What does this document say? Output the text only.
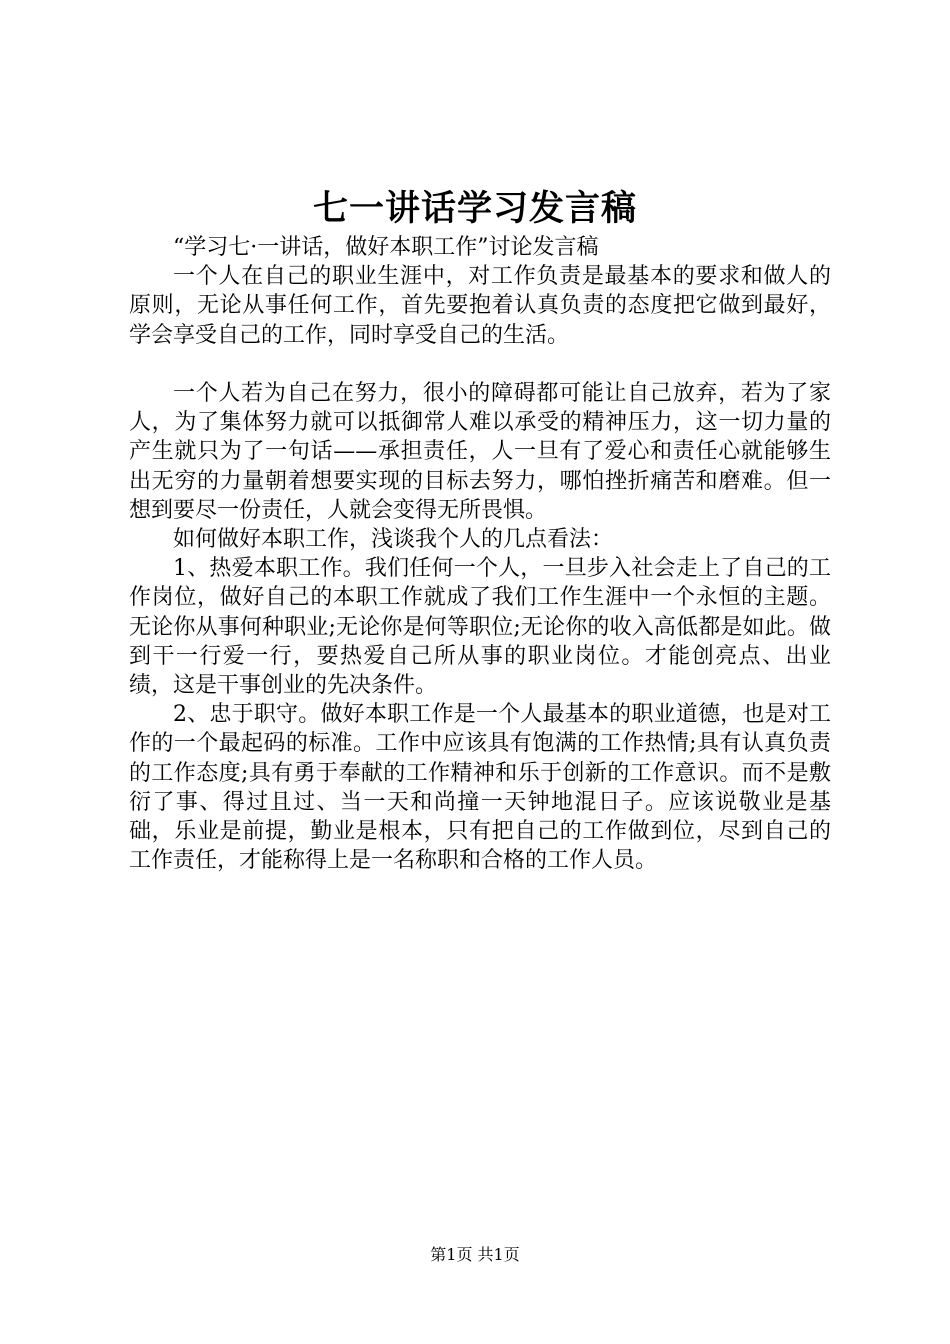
七一讲话学习发言稿

“学习七·一讲话，做好本职工作”讨论发言稿

一个人在自己的职业生涯中，对工作负责是最基本的要求和做人的原则，无论从事任何工作，首先要抱着认真负责的态度把它做到最好，学会享受自己的工作，同时享受自己的生活。

一个人若为自己在努力，很小的障碍都可能让自己放弃，若为了家人，为了集体努力就可以抵御常人难以承受的精神压力，这一切力量的产生就只为了一句话——承担责任，人一旦有了爱心和责任心就能够生出无穷的力量朝着想要实现的目标去努力，哪怕挫折痛苦和磨难。但一想到要尽一份责任，人就会变得无所畏惧。

如何做好本职工作，浅谈我个人的几点看法：

1、热爱本职工作。我们任何一个人，一旦步入社会走上了自己的工作岗位，做好自己的本职工作就成了我们工作生涯中一个永恒的主题。无论你从事何种职业;无论你是何等职位;无论你的收入高低都是如此。做到干一行爱一行，要热爱自己所从事的职业岗位。才能创亮点、出业绩，这是干事创业的先决条件。

2、忠于职守。做好本职工作是一个人最基本的职业道德，也是对工作的一个最起码的标准。工作中应该具有饱满的工作热情;具有认真负责的工作态度;具有勇于奉献的工作精神和乐于创新的工作意识。而不是敷衍了事、得过且过、当一天和尚撞一天钟地混日子。应该说敬业是基础，乐业是前提，勤业是根本，只有把自己的工作做到位，尽到自己的工作责任，才能称得上是一名称职和合格的工作人员。

第1页 共1页
